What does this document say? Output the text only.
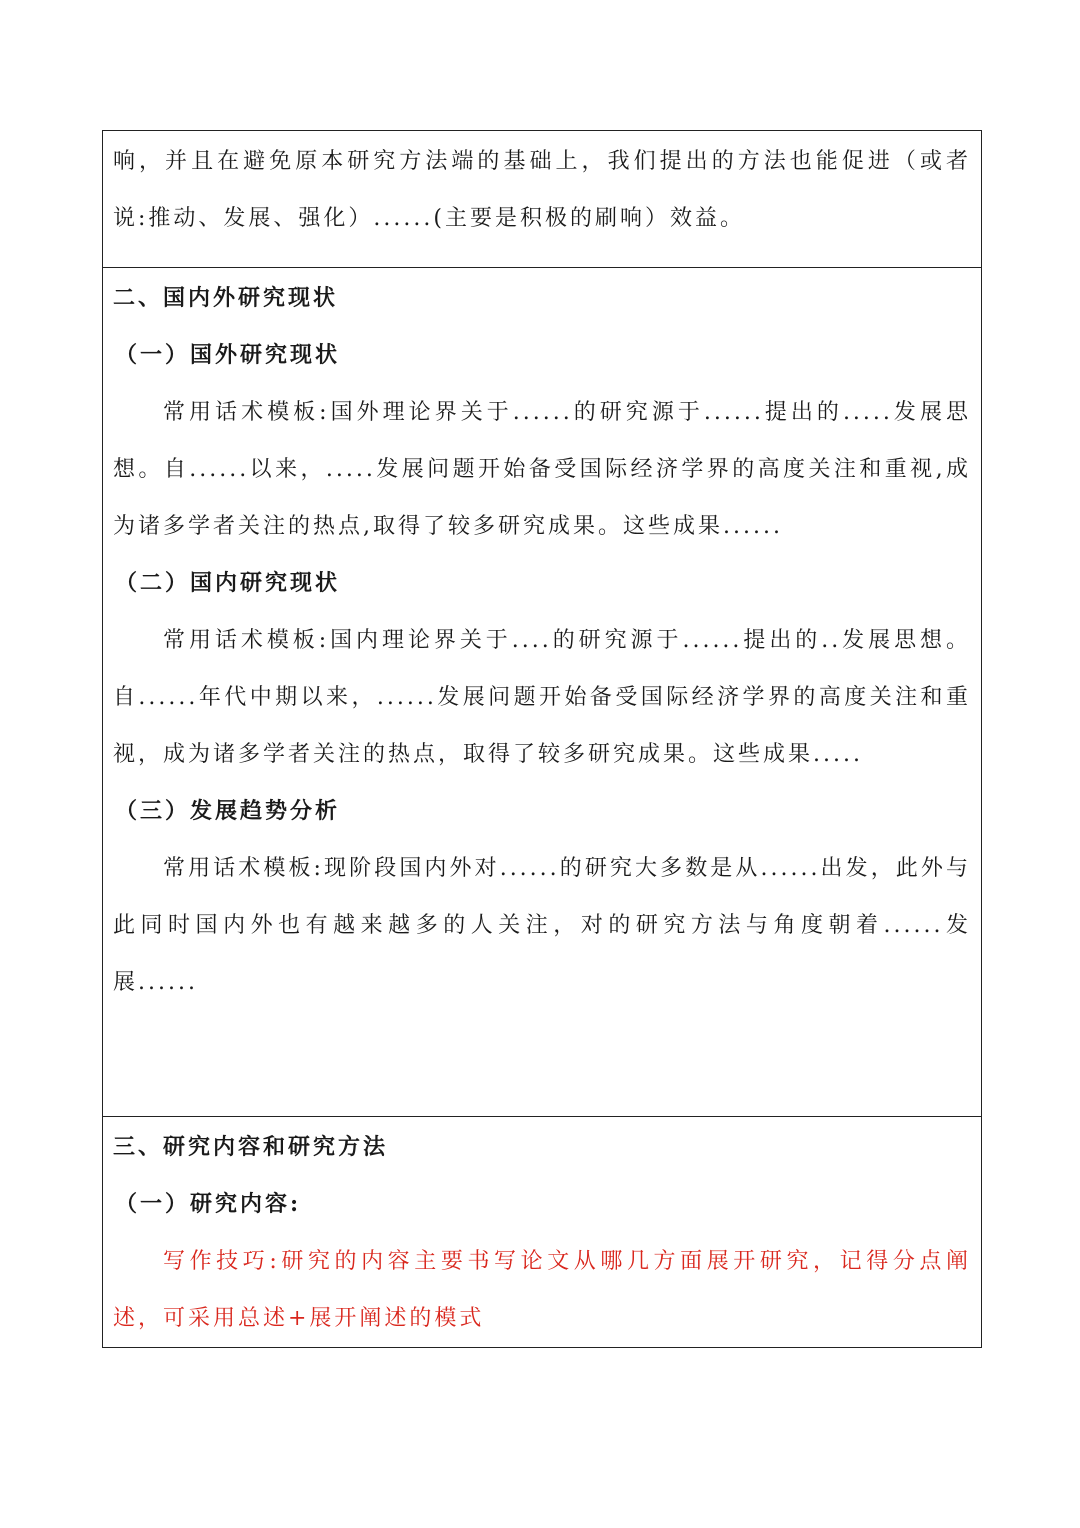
响，并且在避免原本研究方法端的基础上，我们提出的方法也能促进（或者说:推动、发展、强化）......(主要是积极的刷响）效益。

二、国内外研究现状

（一）国外研究现状

常用话术模板:国外理论界关于......的研究源于......提出的.....发展思想。自......以来，.....发展问题开始备受国际经济学界的高度关注和重视,成为诸多学者关注的热点,取得了较多研究成果。这些成果......

（二）国内研究现状

常用话术模板:国内理论界关于....的研究源于......提出的..发展思想。自......年代中期以来，......发展问题开始备受国际经济学界的高度关注和重视，成为诸多学者关注的热点，取得了较多研究成果。这些成果.....

（三）发展趋势分析

常用话术模板:现阶段国内外对......的研究大多数是从......出发，此外与此同时国内外也有越来越多的人关注，对的研究方法与角度朝着......发展......

三、研究内容和研究方法

（一）研究内容:

写作技巧:研究的内容主要书写论文从哪几方面展开研究，记得分点阐述，可采用总述+展开阐述的模式
